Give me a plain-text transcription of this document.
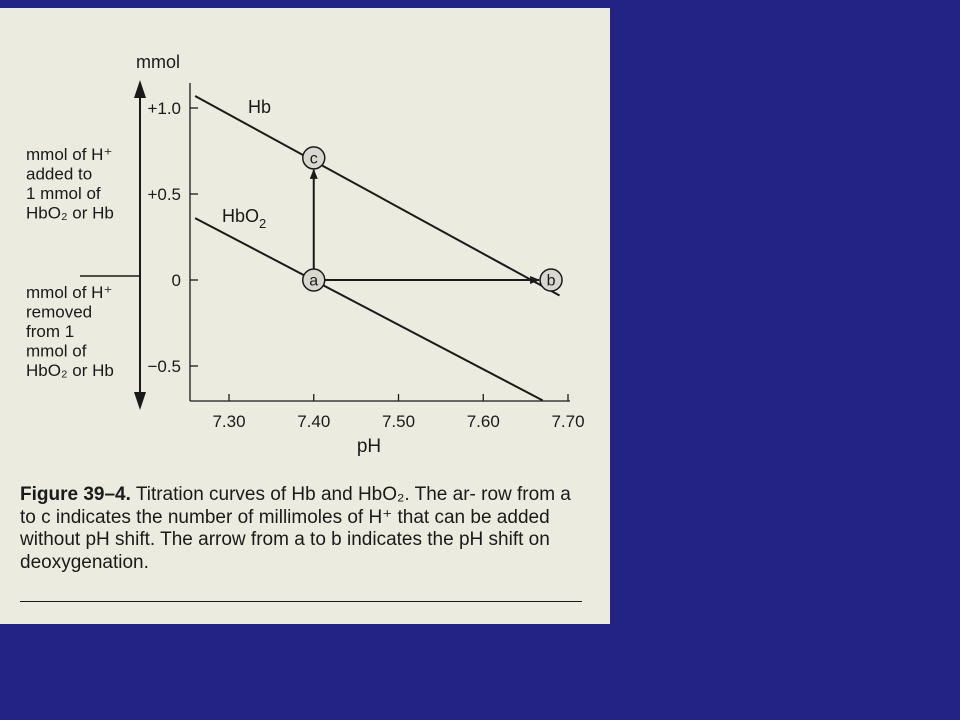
a	b
c
+1.0
+0.5
0
−0.5
7.30	7.40	7.50	7.60	7.70
mmol
pH
Hb
HbO$_2$
mmol of H⁺ added to 1 mmol of HbO₂ or Hb
mmol of H⁺ removed from 1 mmol of HbO₂ or Hb
Figure 39–4. Titration curves of Hb and HbO₂. The ar- row from a to c indicates the number of millimoles of H⁺ that can be added without pH shift. The arrow from a to b indicates the pH shift on deoxygenation.
